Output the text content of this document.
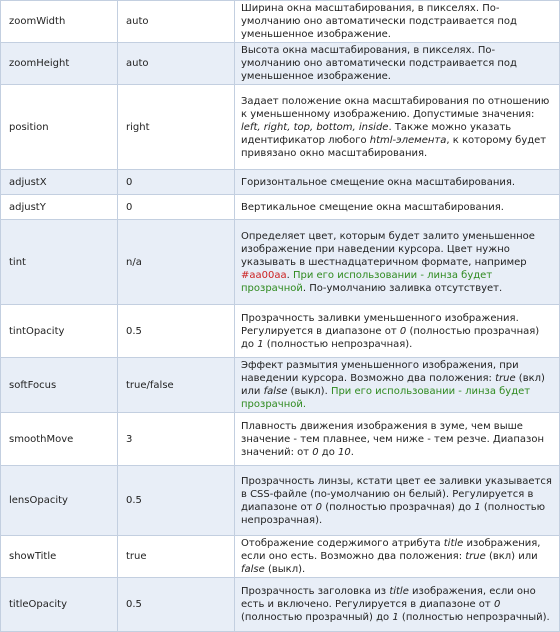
zoomWidth	auto	Ширина окна масштабирования, в пикселях. По-умолчанию оно автоматически подстраивается под уменьшенное изображение.
zoomHeight	auto	Высота окна масштабирования, в пикселях. По-умолчанию оно автоматически подстраивается под уменьшенное изображение.
position	right	Задает положение окна масштабирования по отношению к уменьшенному изображению. Допустимые значения: left, right, top, bottom, inside. Также можно указать идентификатор любого html-элемента, к которому будет привязано окно масштабирования.
adjustX	0	Горизонтальное смещение окна масштабирования.
adjustY	0	Вертикальное смещение окна масштабирования.
tint	n/a	Определяет цвет, которым будет залито уменьшенное изображение при наведении курсора. Цвет нужно указывать в шестнадцатеричном формате, например #aa00aa. При его использовании - линза будет прозрачной. По-умолчанию заливка отсутствует.
tintOpacity	0.5	Прозрачность заливки уменьшенного изображения. Регулируется в диапазоне от 0 (полностью прозрачная) до 1 (полностью непрозрачная).
softFocus	true/false	Эффект размытия уменьшенного изображения, при наведении курсора. Возможно два положения: true (вкл) или false (выкл). При его использовании - линза будет прозрачной.
smoothMove	3	Плавность движения изображения в зуме, чем выше значение - тем плавнее, чем ниже - тем резче. Диапазон значений: от 0 до 10.
lensOpacity	0.5	Прозрачность линзы, кстати цвет ее заливки указывается в CSS-файле (по-умолчанию он белый). Регулируется в диапазоне от 0 (полностью прозрачная) до 1 (полностью непрозрачная).
showTitle	true	Отображение содержимого атрибута title изображения, если оно есть. Возможно два положения: true (вкл) или false (выкл).
titleOpacity	0.5	Прозрачность заголовка из title изображения, если оно есть и включено. Регулируется в диапазоне от 0 (полностью прозрачный) до 1 (полностью непрозрачный).
